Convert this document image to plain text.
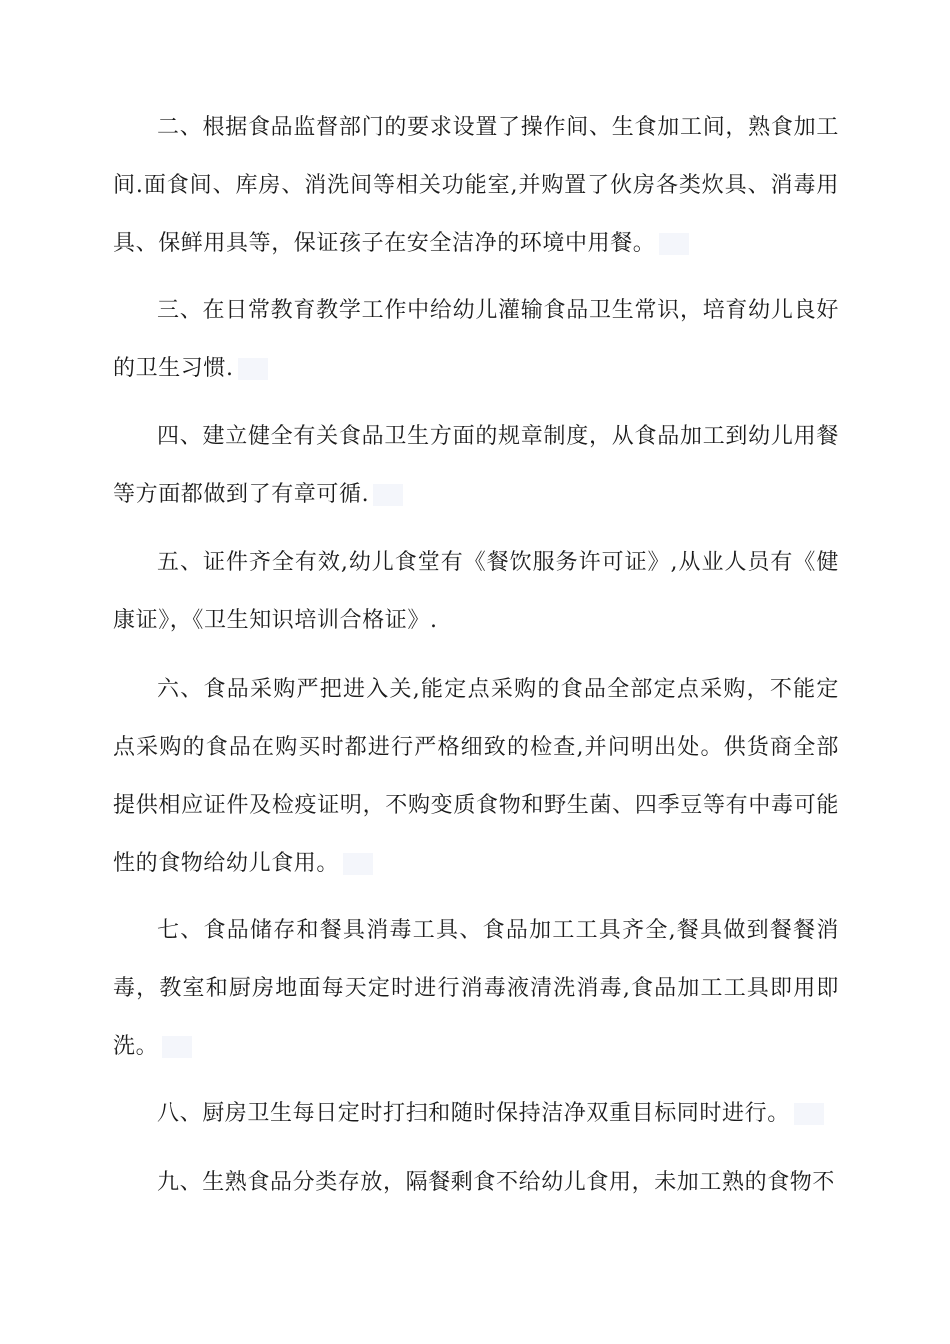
二、根据食品监督部门的要求设置了操作间、生食加工间，熟食加工间.面食间、库房、消洗间等相关功能室,并购置了伙房各类炊具、消毒用具、保鲜用具等，保证孩子在安全洁净的环境中用餐。

三、在日常教育教学工作中给幼儿灌输食品卫生常识，培育幼儿良好的卫生习惯.

四、建立健全有关食品卫生方面的规章制度，从食品加工到幼儿用餐等方面都做到了有章可循.

五、证件齐全有效,幼儿食堂有《餐饮服务许可证》,从业人员有《健康证》，《卫生知识培训合格证》.

六、食品采购严把进入关,能定点采购的食品全部定点采购，不能定点采购的食品在购买时都进行严格细致的检查,并问明出处。供货商全部提供相应证件及检疫证明，不购变质食物和野生菌、四季豆等有中毒可能性的食物给幼儿食用。

七、食品储存和餐具消毒工具、食品加工工具齐全,餐具做到餐餐消毒，教室和厨房地面每天定时进行消毒液清洗消毒,食品加工工具即用即洗。

八、厨房卫生每日定时打扫和随时保持洁净双重目标同时进行。

九、生熟食品分类存放，隔餐剩食不给幼儿食用，未加工熟的食物不
